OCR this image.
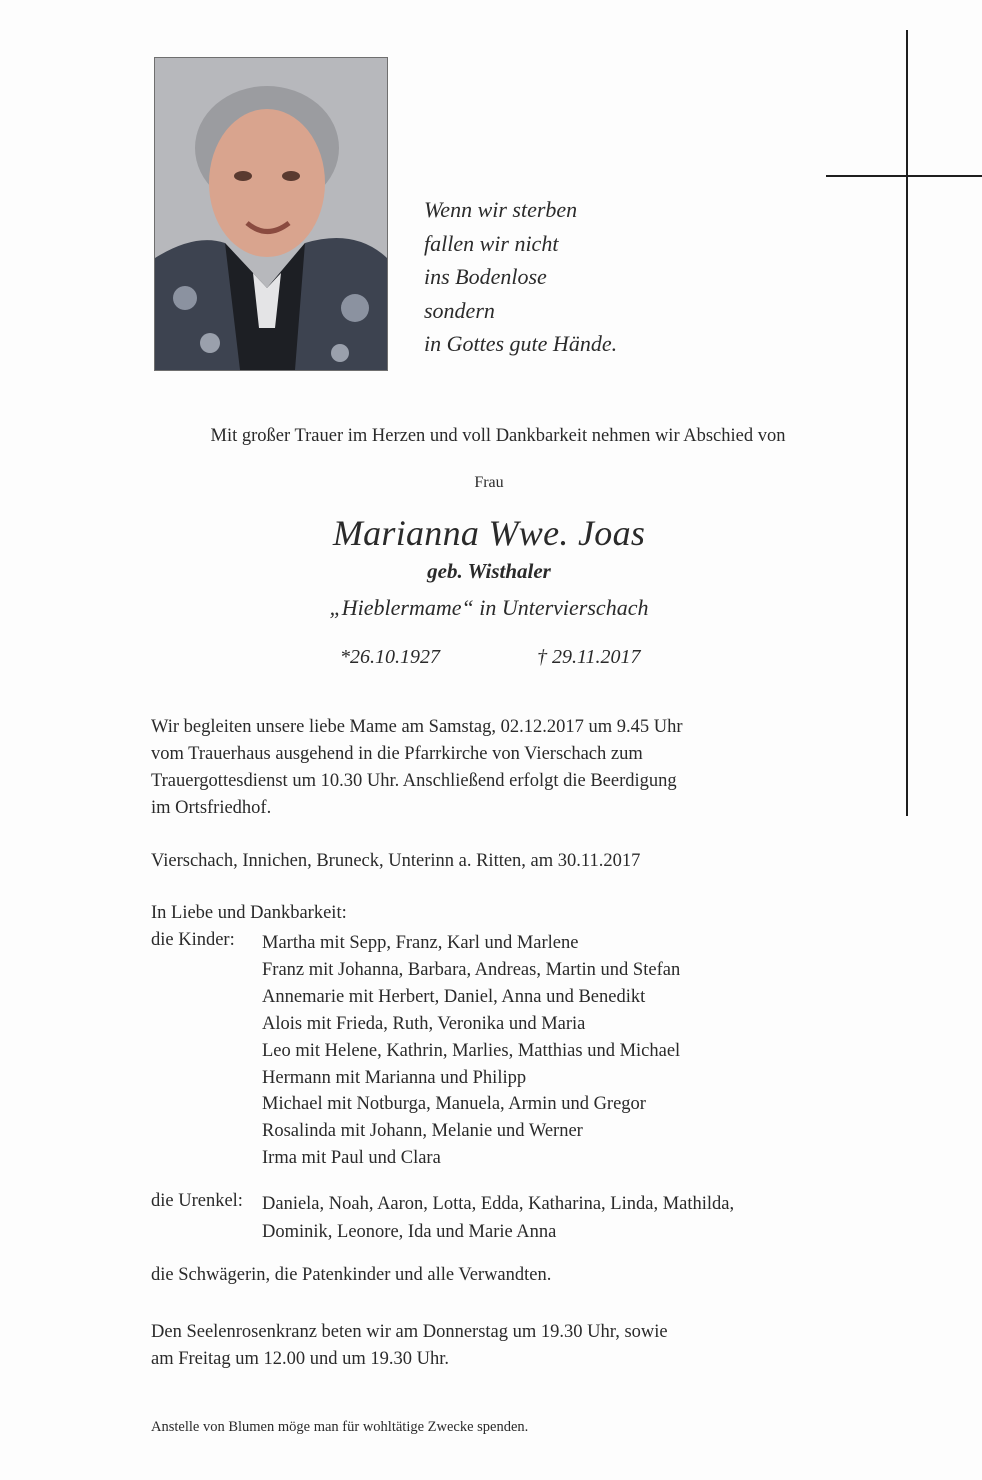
Wenn wir sterben
fallen wir nicht
ins Bodenlose
sondern
in Gottes gute Hände.
Mit großer Trauer im Herzen und voll Dankbarkeit nehmen wir Abschied von
Frau
Marianna Wwe. Joas
geb. Wisthaler
„Hieblermame“ in Untervierschach
*26.10.1927	† 29.11.2017
Wir begleiten unsere liebe Mame am Samstag, 02.12.2017 um 9.45 Uhr
vom Trauerhaus ausgehend in die Pfarrkirche von Vierschach zum
Trauergottesdienst um 10.30 Uhr. Anschließend erfolgt die Beerdigung
im Ortsfriedhof.
Vierschach, Innichen, Bruneck, Unterinn a. Ritten, am 30.11.2017
In Liebe und Dankbarkeit:
die Kinder: Martha mit Sepp, Franz, Karl und Marlene
Franz mit Johanna, Barbara, Andreas, Martin und Stefan
Annemarie mit Herbert, Daniel, Anna und Benedikt
Alois mit Frieda, Ruth, Veronika und Maria
Leo mit Helene, Kathrin, Marlies, Matthias und Michael
Hermann mit Marianna und Philipp
Michael mit Notburga, Manuela, Armin und Gregor
Rosalinda mit Johann, Melanie und Werner
Irma mit Paul und Clara
die Urenkel: Daniela, Noah, Aaron, Lotta, Edda, Katharina, Linda, Mathilda,
Dominik, Leonore, Ida und Marie Anna
die Schwägerin, die Patenkinder und alle Verwandten.
Den Seelenrosenkranz beten wir am Donnerstag um 19.30 Uhr, sowie
am Freitag um 12.00 und um 19.30 Uhr.
Anstelle von Blumen möge man für wohltätige Zwecke spenden.
